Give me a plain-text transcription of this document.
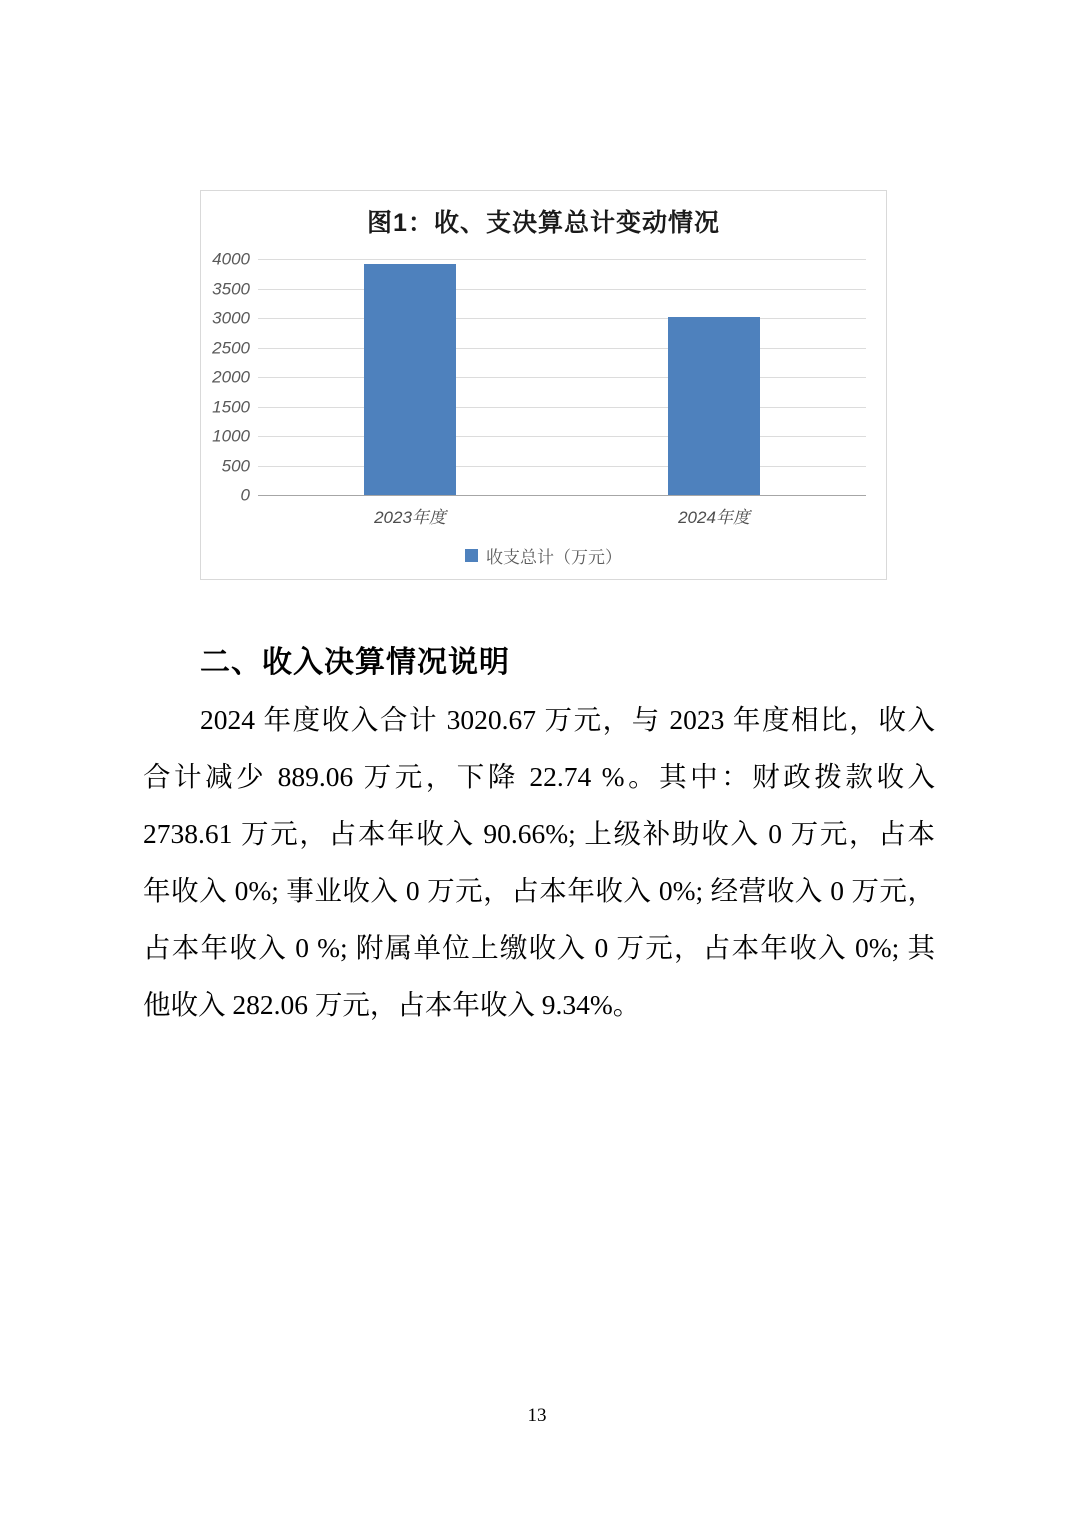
图1：收、支决算总计变动情况
4000
3500
3000
2500
2000
1500
1000
500
0
2023年度	2024年度
收支总计（万元）
二、收入决算情况说明
2024 年度收入合计 3020.67 万元，与 2023 年度相比，收入
合计减少 889.06 万元，下降 22.74 %。其中：财政拨款收入
2738.61 万元，占本年收入 90.66%; 上级补助收入 0 万元，占本
年收入 0%; 事业收入 0 万元，占本年收入 0%; 经营收入 0 万元，
占本年收入 0 %; 附属单位上缴收入 0 万元，占本年收入 0%; 其
他收入 282.06 万元，占本年收入 9.34%。
13
